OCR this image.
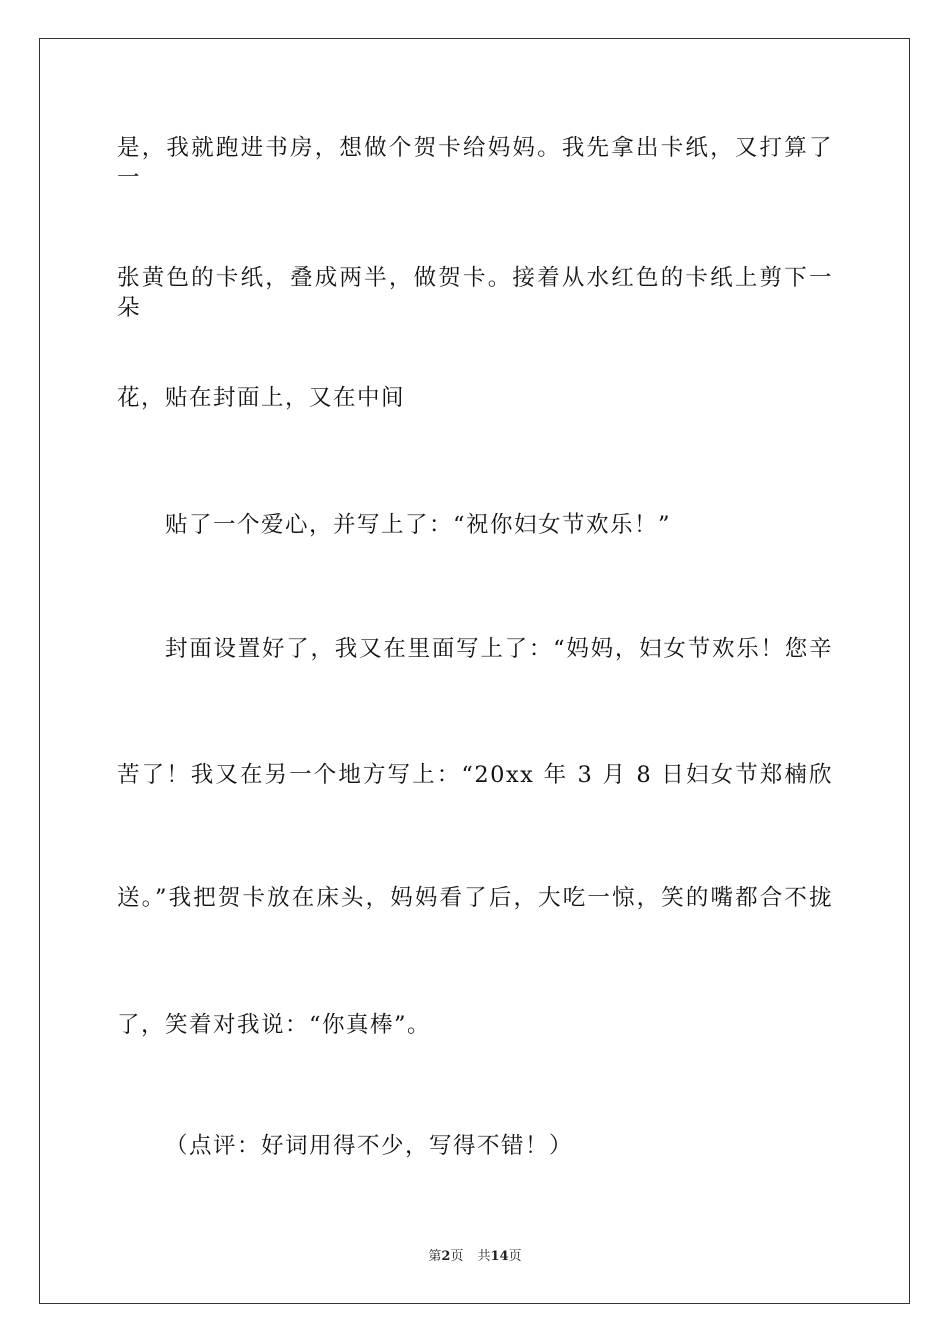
是，我就跑进书房，想做个贺卡给妈妈。我先拿出卡纸，又打算了一
张黄色的卡纸，叠成两半，做贺卡。接着从水红色的卡纸上剪下一朵
花，贴在封面上，又在中间
贴了一个爱心，并写上了：“祝你妇女节欢乐！”
封面设置好了，我又在里面写上了：“妈妈，妇女节欢乐！您辛
苦了！我又在另一个地方写上：“20xx 年 3 月 8 日妇女节郑楠欣
送。”我把贺卡放在床头，妈妈看了后，大吃一惊，笑的嘴都合不拢
了，笑着对我说：“你真棒”。
（点评：好词用得不少，写得不错！）
第2页 共14页
